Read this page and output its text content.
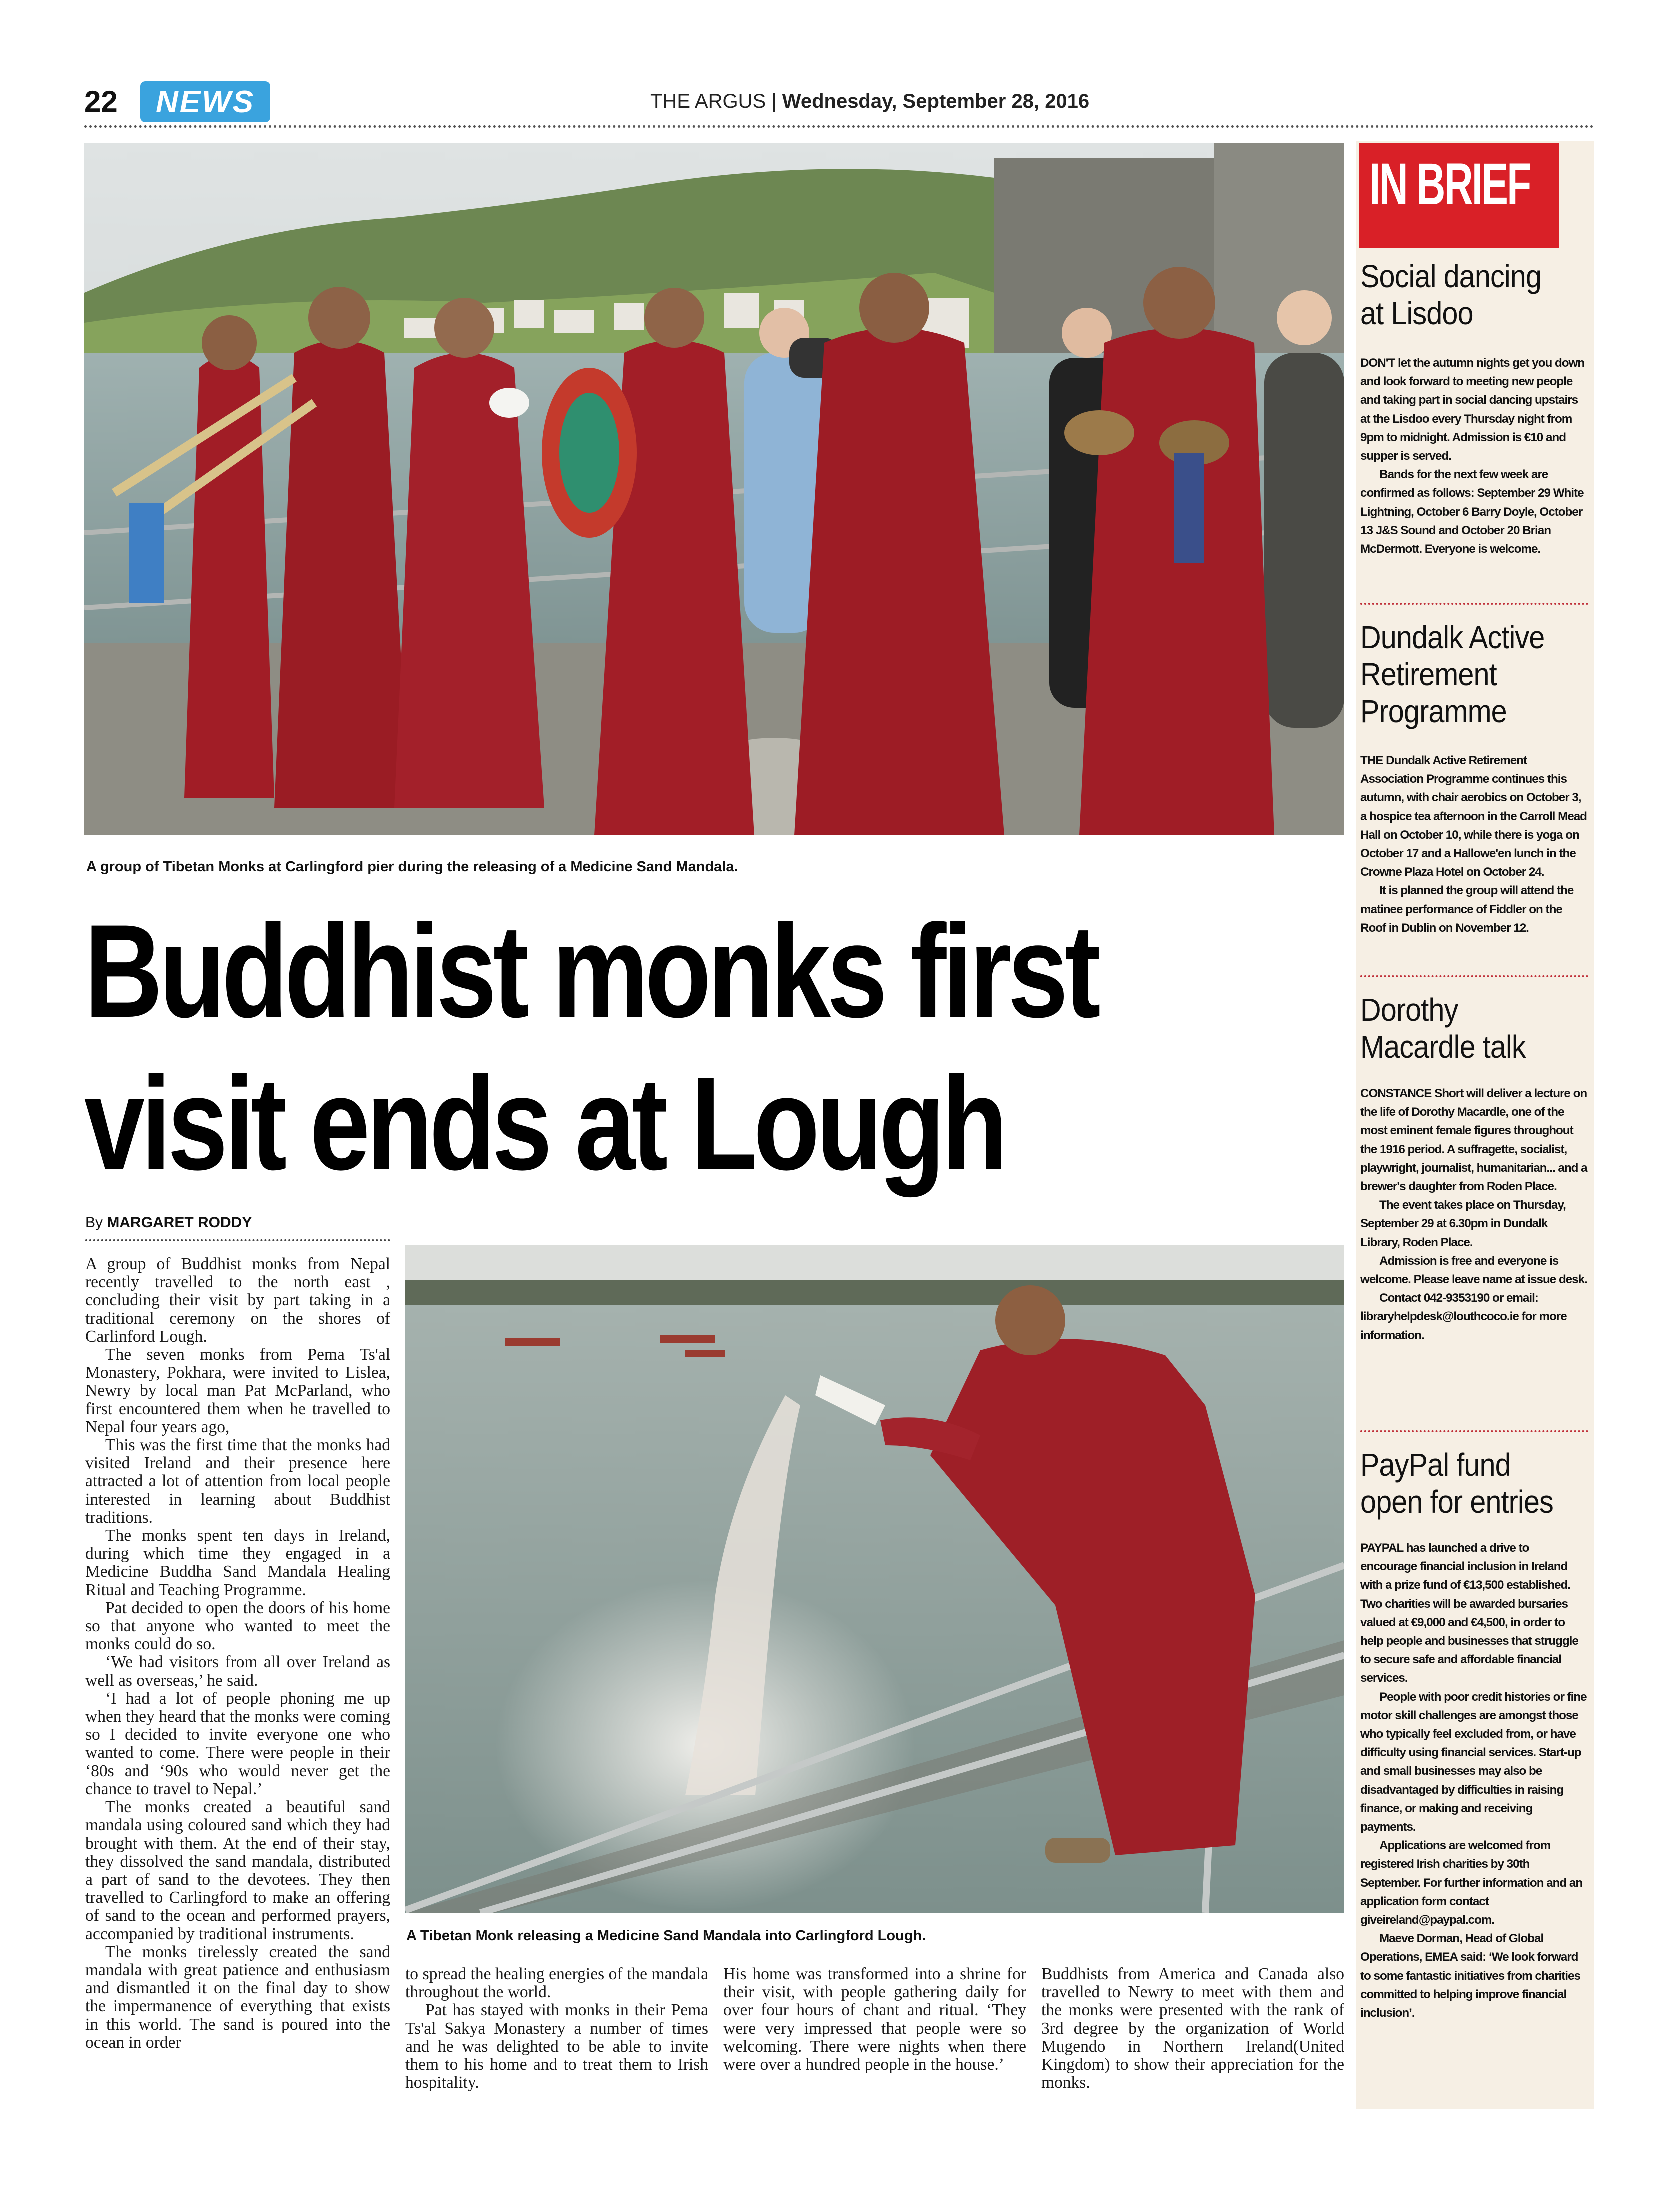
22 NEWS	THE ARGUS | Wednesday, September 28, 2016
A group of Tibetan Monks at Carlingford pier during the releasing of a Medicine Sand Mandala.
Buddhist monks first
visit ends at Lough
By MARGARET RODDY

A group of Buddhist monks from Nepal recently travelled to the north east , concluding their visit by part taking in a traditional ceremony on the shores of Carlinford Lough.

The seven monks from Pema Ts'al Monastery, Pokhara, were invited to Lislea, Newry by local man Pat McParland, who first encountered them when he travelled to Nepal four years ago,

This was the first time that the monks had visited Ireland and their presence here attracted a lot of attention from local people interested in learning about Buddhist traditions.

The monks spent ten days in Ireland, during which time they engaged in a Medicine Buddha Sand Mandala Healing Ritual and Teaching Programme.

Pat decided to open the doors of his home so that anyone who wanted to meet the monks could do so.

‘We had visitors from all over Ireland as well as overseas,’ he said.

‘I had a lot of people phoning me up when they heard that the monks were coming so I decided to invite everyone one who wanted to come. There were people in their ‘80s and ‘90s who would never get the chance to travel to Nepal.’

The monks created a beautiful sand mandala using coloured sand which they had brought with them. At the end of their stay, they dissolved the sand mandala, distributed a part of sand to the devotees. They then travelled to Carlingford to make an offering of sand to the ocean and performed prayers, accompanied by traditional instruments.

The monks tirelessly created the sand mandala with great patience and enthusiasm and dismantled it on the final day to show the impermanence of everything that exists in this world. The sand is poured into the ocean in order

A Tibetan Monk releasing a Medicine Sand Mandala into Carlingford Lough.

to spread the healing energies of the mandala throughout the world.

Pat has stayed with monks in their Pema Ts'al Sakya Monastery a number of times and he was delighted to be able to invite them to his home and to treat them to Irish hospitality.

His home was transformed into a shrine for their visit, with people gathering daily for over four hours of chant and ritual. ‘They were very impressed that people were so welcoming. There were nights when there were over a hundred people in the house.’

Buddhists from America and Canada also travelled to Newry to meet with them and the monks were presented with the rank of 3rd degree by the organization of World Mugendo in Northern Ireland(United Kingdom) to show their appreciation for the monks.

IN BRIEF
Social dancing
at Lisdoo

DON'T let the autumn nights get you down and look forward to meeting new people and taking part in social dancing upstairs at the Lisdoo every Thursday night from 9pm to midnight. Admission is €10 and supper is served.

Bands for the next few week are confirmed as follows: September 29 White Lightning, October 6 Barry Doyle, October 13 J&S Sound and October 20 Brian McDermott. Everyone is welcome.

Dundalk Active
Retirement
Programme

THE Dundalk Active Retirement Association Programme continues this autumn, with chair aerobics on October 3, a hospice tea afternoon in the Carroll Mead Hall on October 10, while there is yoga on October 17 and a Hallowe'en lunch in the Crowne Plaza Hotel on October 24.

It is planned the group will attend the matinee performance of Fiddler on the Roof in Dublin on November 12.

Dorothy
Macardle talk

CONSTANCE Short will deliver a lecture on the life of Dorothy Macardle, one of the most eminent female figures throughout the 1916 period. A suffragette, socialist, playwright, journalist, humanitarian... and a brewer's daughter from Roden Place.

The event takes place on Thursday, September 29 at 6.30pm in Dundalk Library, Roden Place.

Admission is free and everyone is welcome. Please leave name at issue desk.

Contact 042-9353190 or email: libraryhelpdesk@louthcoco.ie for more information.

PayPal fund
open for entries

PAYPAL has launched a drive to encourage financial inclusion in Ireland with a prize fund of €13,500 established. Two charities will be awarded bursaries valued at €9,000 and €4,500, in order to help people and businesses that struggle to secure safe and affordable financial services.

People with poor credit histories or fine motor skill challenges are amongst those who typically feel excluded from, or have difficulty using financial services. Start-up and small businesses may also be disadvantaged by difficulties in raising finance, or making and receiving payments.

Applications are welcomed from registered Irish charities by 30th September. For further information and an application form contact giveireland@paypal.com.

Maeve Dorman, Head of Global Operations, EMEA said: ‘We look forward to some fantastic initiatives from charities committed to helping improve financial inclusion’.
